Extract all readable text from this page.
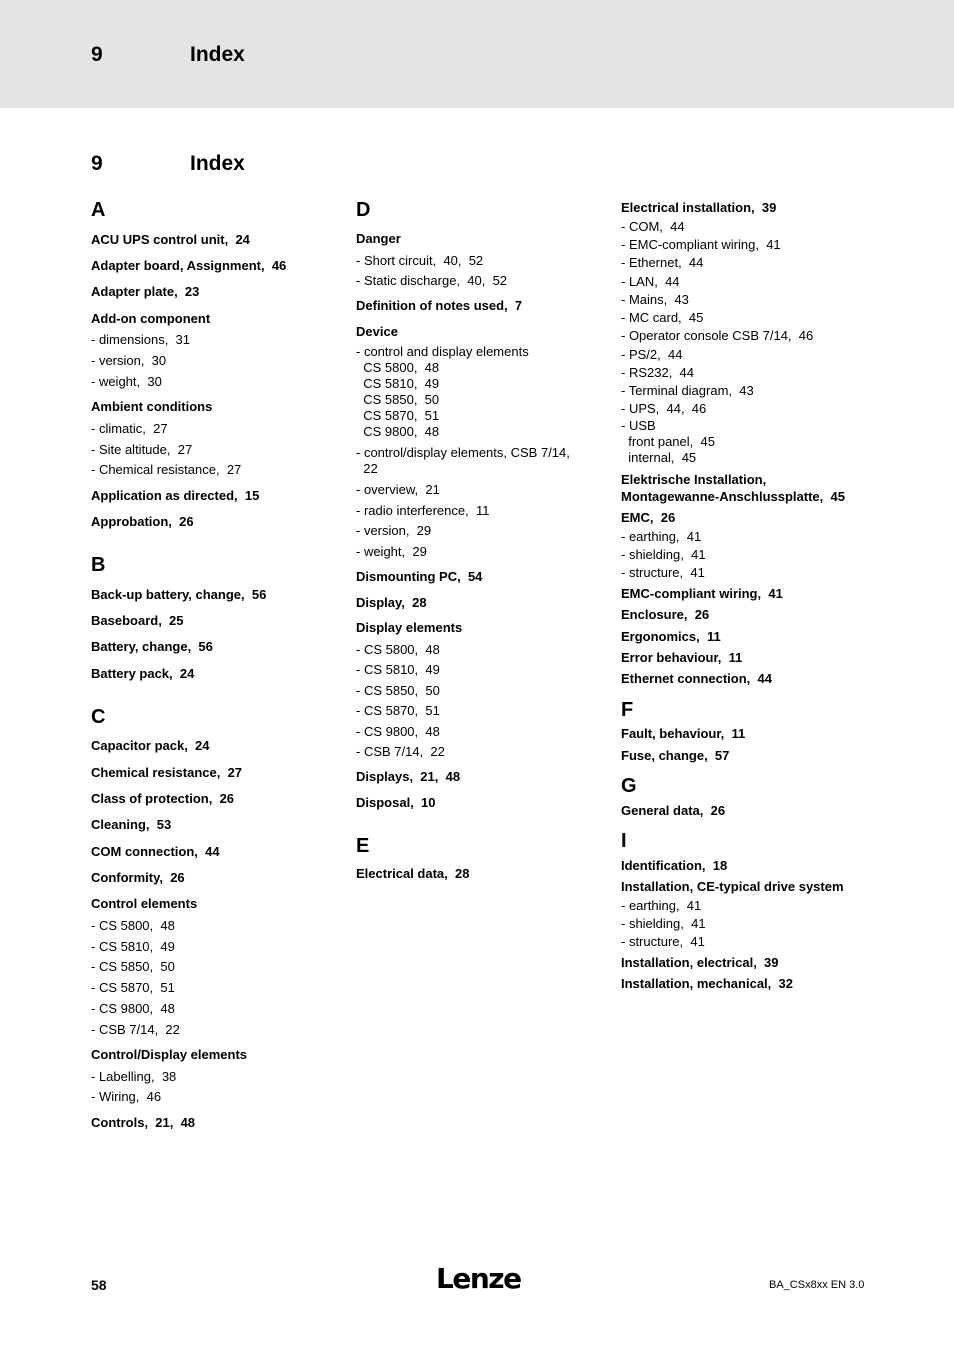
9	Index
9	Index
A
ACU UPS control unit,  24
Adapter board, Assignment,  46
Adapter plate,  23
Add-on component
- dimensions,  31
- version,  30
- weight,  30
Ambient conditions
- climatic,  27
- Site altitude,  27
- Chemical resistance,  27
Application as directed,  15
Approbation,  26
B
Back-up battery, change,  56
Baseboard,  25
Battery, change,  56
Battery pack,  24
C
Capacitor pack,  24
Chemical resistance,  27
Class of protection,  26
Cleaning,  53
COM connection,  44
Conformity,  26
Control elements
- CS 5800,  48
- CS 5810,  49
- CS 5850,  50
- CS 5870,  51
- CS 9800,  48
- CSB 7/14,  22
Control/Display elements
- Labelling,  38
- Wiring,  46
Controls,  21,  48
D
Danger
- Short circuit,  40,  52
- Static discharge,  40,  52
Definition of notes used,  7
Device
- control and display elements
CS 5800,  48
CS 5810,  49
CS 5850,  50
CS 5870,  51
CS 9800,  48
- control/display elements, CSB 7/14,
22
- overview,  21
- radio interference,  11
- version,  29
- weight,  29
Dismounting PC,  54
Display,  28
Display elements
- CS 5800,  48
- CS 5810,  49
- CS 5850,  50
- CS 5870,  51
- CS 9800,  48
- CSB 7/14,  22
Displays,  21,  48
Disposal,  10
E
Electrical data,  28
Electrical installation,  39
- COM,  44
- EMC-compliant wiring,  41
- Ethernet,  44
- LAN,  44
- Mains,  43
- MC card,  45
- Operator console CSB 7/14,  46
- PS/2,  44
- RS232,  44
- Terminal diagram,  43
- UPS,  44,  46
- USB
front panel,  45
internal,  45
Elektrische Installation,
Montagewanne-Anschlussplatte,  45
EMC,  26
- earthing,  41
- shielding,  41
- structure,  41
EMC-compliant wiring,  41
Enclosure,  26
Ergonomics,  11
Error behaviour,  11
Ethernet connection,  44
F
Fault, behaviour,  11
Fuse, change,  57
G
General data,  26
I
Identification,  18
Installation, CE-typical drive system
- earthing,  41
- shielding,  41
- structure,  41
Installation, electrical,  39
Installation, mechanical,  32
58	Lenze	BA_CSx8xx EN 3.0
